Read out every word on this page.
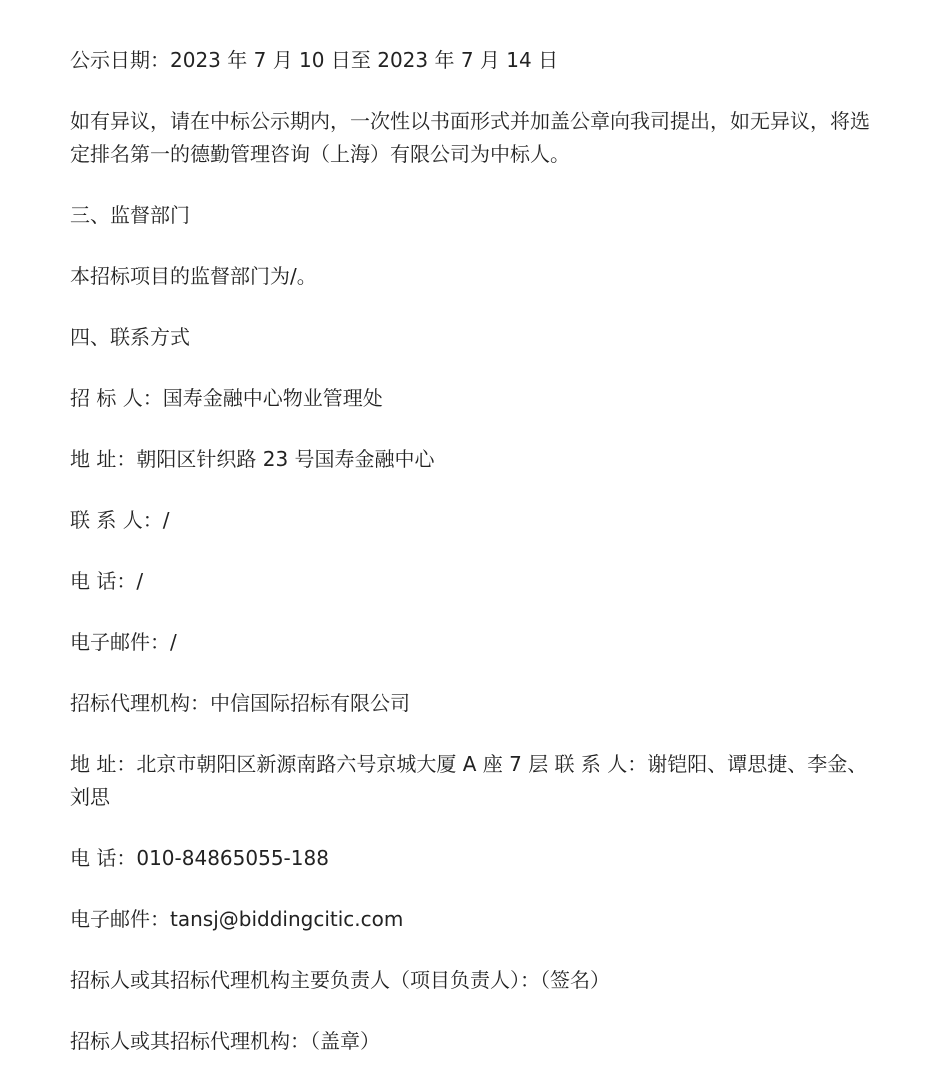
公示日期：2023 年 7 月 10 日至 2023 年 7 月 14 日

如有异议，请在中标公示期内，一次性以书面形式并加盖公章向我司提出，如无异议，将选 定排名第一的德勤管理咨询（上海）有限公司为中标人。

三、监督部门

本招标项目的监督部门为/。

四、联系方式

招 标 人：国寿金融中心物业管理处

地 址：朝阳区针织路 23 号国寿金融中心

联 系 人：/

电 话：/

电子邮件：/

招标代理机构：中信国际招标有限公司

地 址：北京市朝阳区新源南路六号京城大厦 A 座 7 层 联 系 人：谢铠阳、谭思捷、李金、刘思

电 话：010-84865055-188

电子邮件：tansj@biddingcitic.com

招标人或其招标代理机构主要负责人（项目负责人）：（签名）

招标人或其招标代理机构：（盖章）
